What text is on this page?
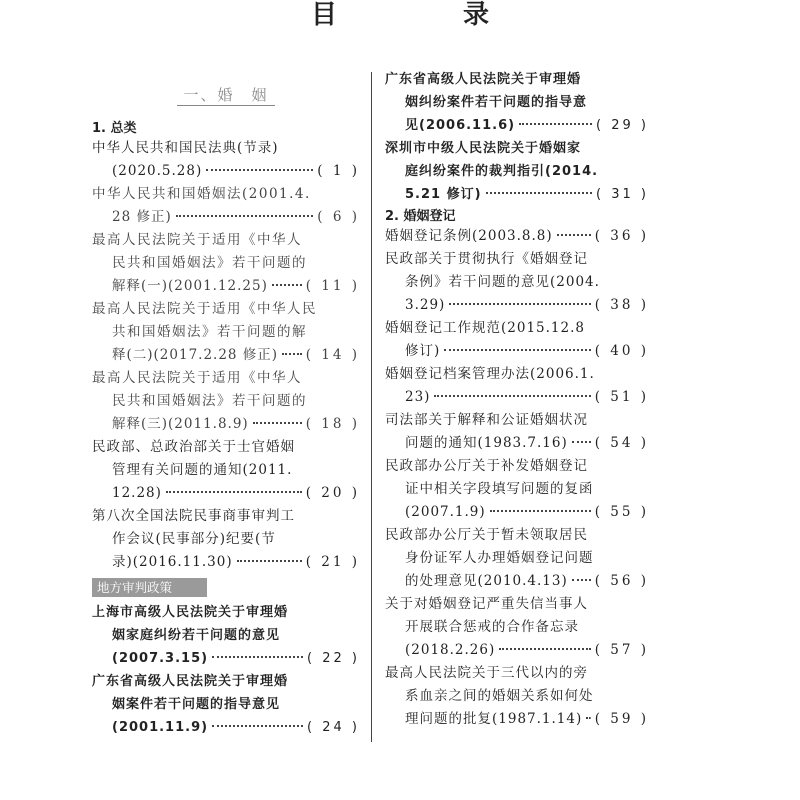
目　录
一、婚　姻
1. 总类
中华人民共和国民法典(节录)
(2020.5.28)	( 1 )
中华人民共和国婚姻法(2001.4.
28 修正)	( 6 )
最高人民法院关于适用《中华人
民共和国婚姻法》若干问题的
解释(一)(2001.12.25)	( 11 )
最高人民法院关于适用《中华人民
共和国婚姻法》若干问题的解
释(二)(2017.2.28 修正) ( 14 )
最高人民法院关于适用《中华人
民共和国婚姻法》若干问题的
解释(三)(2011.8.9)	( 18 )
民政部、总政治部关于士官婚姻
管理有关问题的通知(2011.
12.28)	( 20 )
第八次全国法院民事商事审判工
作会议(民事部分)纪要(节
录)(2016.11.30)	( 21 )
地方审判政策
上海市高级人民法院关于审理婚
姻家庭纠纷若干问题的意见
(2007.3.15)	( 22 )
广东省高级人民法院关于审理婚
姻案件若干问题的指导意见
(2001.11.9)	( 24 )
广东省高级人民法院关于审理婚
姻纠纷案件若干问题的指导意
见(2006.11.6)	( 29 )
深圳市中级人民法院关于婚姻家
庭纠纷案件的裁判指引(2014.
5.21 修订)	( 31 )
2. 婚姻登记
婚姻登记条例(2003.8.8)	( 36 )
民政部关于贯彻执行《婚姻登记
条例》若干问题的意见(2004.
3.29)	( 38 )
婚姻登记工作规范(2015.12.8
修订)	( 40 )
婚姻登记档案管理办法(2006.1.
23)	( 51 )
司法部关于解释和公证婚姻状况
问题的通知(1983.7.16) ( 54 )
民政部办公厅关于补发婚姻登记
证中相关字段填写问题的复函
(2007.1.9)	( 55 )
民政部办公厅关于暂未领取居民
身份证军人办理婚姻登记问题
的处理意见(2010.4.13) ( 56 )
关于对婚姻登记严重失信当事人
开展联合惩戒的合作备忘录
(2018.2.26)	( 57 )
最高人民法院关于三代以内的旁
系血亲之间的婚姻关系如何处
理问题的批复(1987.1.14) ( 59 )
